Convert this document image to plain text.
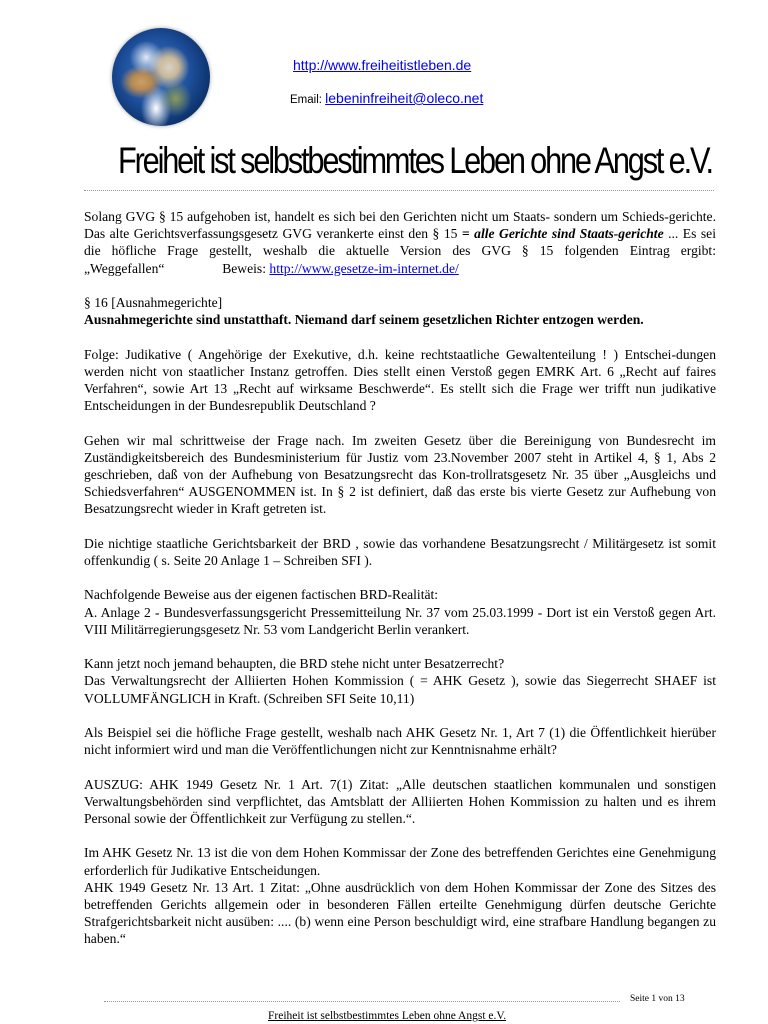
http://www.freiheitistleben.de
Email: lebeninfreiheit@oleco.net
Freiheit ist selbstbestimmtes Leben ohne Angst e.V.

Solang GVG § 15 aufgehoben ist, handelt es sich bei den Gerichten nicht um Staats- sondern um Schieds-gerichte. Das alte Gerichtsverfassungsgesetz GVG verankerte einst den § 15 = alle Gerichte sind Staats-gerichte ... Es sei die höfliche Frage gestellt, weshalb die aktuelle Version des GVG § 15 folgenden Eintrag ergibt: „Weggefallen“	Beweis: http://www.gesetze-im-internet.de/

§ 16 [Ausnahmegerichte]
Ausnahmegerichte sind unstatthaft. Niemand darf seinem gesetzlichen Richter entzogen werden.

Folge: Judikative ( Angehörige der Exekutive, d.h. keine rechtstaatliche Gewaltenteilung ! ) Entschei-dungen werden nicht von staatlicher Instanz getroffen. Dies stellt einen Verstoß gegen EMRK Art. 6 „Recht auf faires Verfahren“, sowie Art 13 „Recht auf wirksame Beschwerde“. Es stellt sich die Frage wer trifft nun judikative Entscheidungen in der Bundesrepublik Deutschland ?

Gehen wir mal schrittweise der Frage nach. Im zweiten Gesetz über die Bereinigung von Bundesrecht im Zuständigkeitsbereich des Bundesministerium für Justiz vom 23.November 2007 steht in Artikel 4, § 1, Abs 2 geschrieben, daß von der Aufhebung von Besatzungsrecht das Kon-trollratsgesetz Nr. 35 über „Ausgleichs und Schiedsverfahren“ AUSGENOMMEN ist. In § 2 ist definiert, daß das erste bis vierte Gesetz zur Aufhebung von Besatzungsrecht wieder in Kraft getreten ist.

Die nichtige staatliche Gerichtsbarkeit der BRD , sowie das vorhandene Besatzungsrecht / Militärgesetz ist somit offenkundig ( s. Seite 20 Anlage 1 – Schreiben SFI ).

Nachfolgende Beweise aus der eigenen factischen BRD-Realität:
A. Anlage 2 - Bundesverfassungsgericht Pressemitteilung Nr. 37 vom 25.03.1999 - Dort ist ein Verstoß gegen Art. VIII Militärregierungsgesetz Nr. 53 vom Landgericht Berlin verankert.

Kann jetzt noch jemand behaupten, die BRD stehe nicht unter Besatzerrecht?
Das Verwaltungsrecht der Alliierten Hohen Kommission ( = AHK Gesetz ), sowie das Siegerrecht SHAEF ist VOLLUMFÄNGLICH in Kraft. (Schreiben SFI Seite 10,11)

Als Beispiel sei die höfliche Frage gestellt, weshalb nach AHK Gesetz Nr. 1, Art 7 (1) die Öffentlichkeit hierüber nicht informiert wird und man die Veröffentlichungen nicht zur Kenntnisnahme erhält?

AUSZUG: AHK 1949 Gesetz Nr. 1 Art. 7(1) Zitat: „Alle deutschen staatlichen kommunalen und sonstigen Verwaltungsbehörden sind verpflichtet, das Amtsblatt der Alliierten Hohen Kommission zu halten und es ihrem Personal sowie der Öffentlichkeit zur Verfügung zu stellen.“.

Im AHK Gesetz Nr. 13 ist die von dem Hohen Kommissar der Zone des betreffenden Gerichtes eine Genehmigung erforderlich für Judikative Entscheidungen.
AHK 1949 Gesetz Nr. 13 Art. 1 Zitat: „Ohne ausdrücklich von dem Hohen Kommissar der Zone des Sitzes des betreffenden Gerichts allgemein oder in besonderen Fällen erteilte Genehmigung dürfen deutsche Gerichte Strafgerichtsbarkeit nicht ausüben: .... (b) wenn eine Person beschuldigt wird, eine strafbare Handlung begangen zu haben.“

Seite 1 von 13
Freiheit ist selbstbestimmtes Leben ohne Angst e.V.
